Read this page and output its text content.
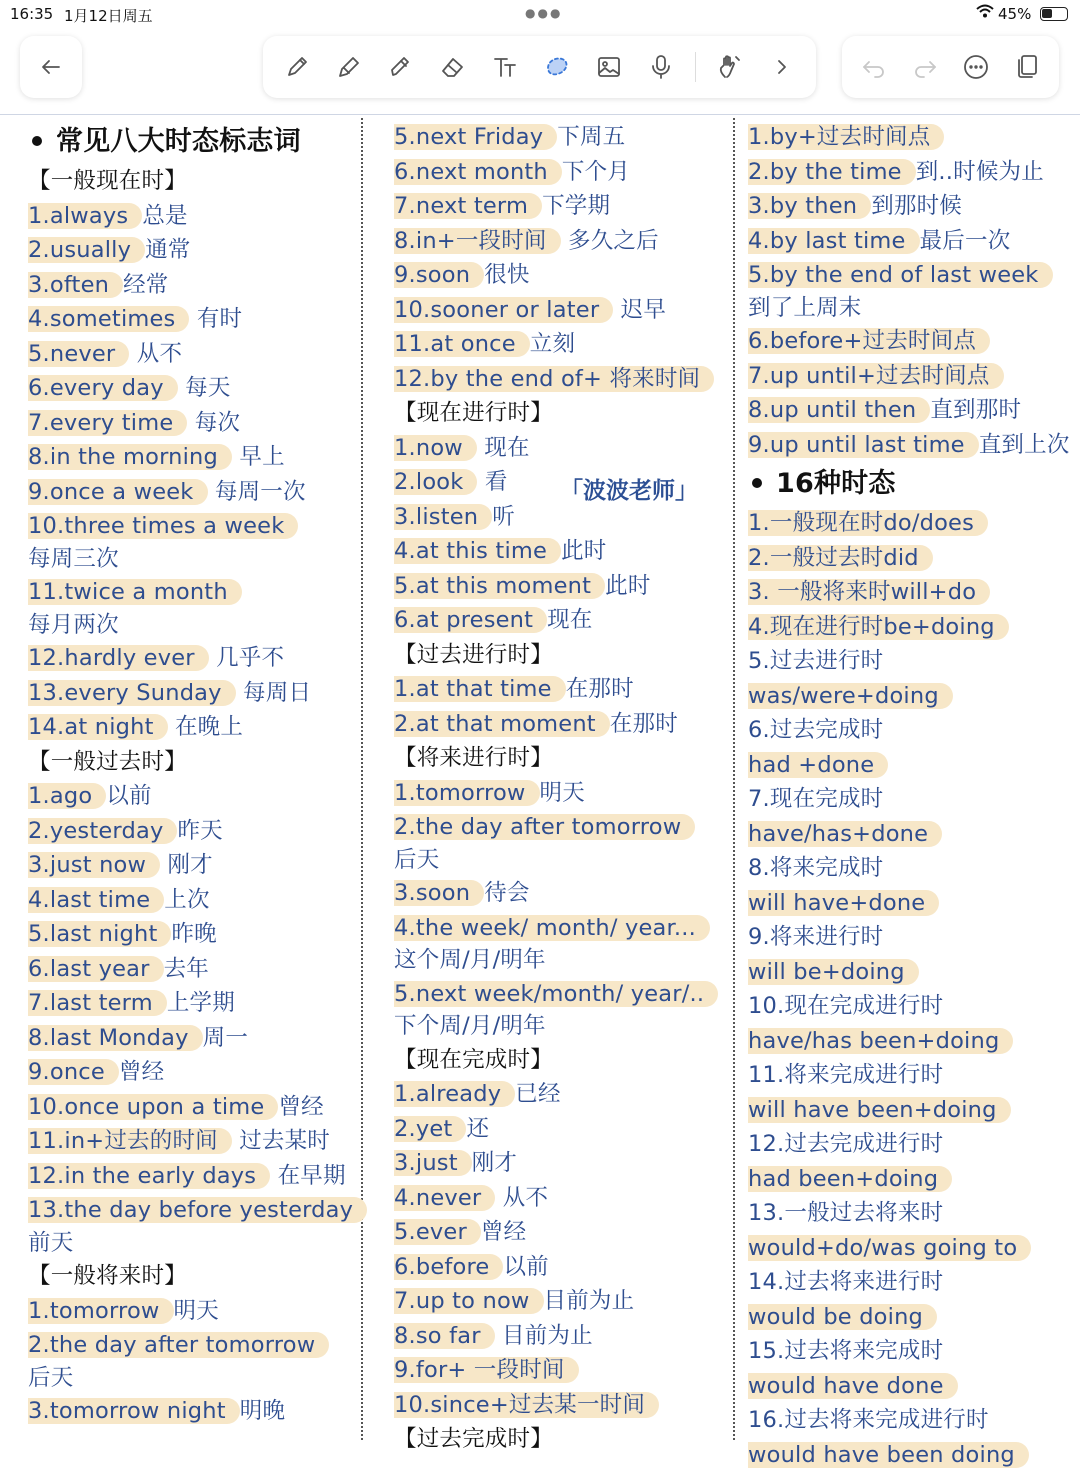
16:35 1月12日周五	●●●	45%
常见八大时态标志词
【一般现在时】
1.always 总是
2.usually 通常
3.often 经常
4.sometimes 有时
5.never 从不
6.every day 每天
7.every time 每次
8.in the morning 早上
9.once a week 每周一次
10.three times a week
每周三次
11.twice a month
每月两次
12.hardly ever 几乎不
13.every Sunday 每周日
14.at night 在晚上
【一般过去时】
1.ago 以前
2.yesterday 昨天
3.just now 刚才
4.last time 上次
5.last night 昨晚
6.last year 去年
7.last term 上学期
8.last Monday 周一
9.once 曾经
10.once upon a time 曾经
11.in+过去的时间 过去某时
12.in the early days 在早期
13.the day before yesterday
前天
【一般将来时】
1.tomorrow 明天
2.the day after tomorrow
后天
3.tomorrow night 明晚
5.next Friday 下周五
6.next month 下个月
7.next term 下学期
8.in+一段时间 多久之后
9.soon 很快
10.sooner or later 迟早
11.at once 立刻
12.by the end of+ 将来时间
【现在进行时】
1.now 现在
2.look 看
3.listen 听
4.at this time 此时
5.at this moment 此时
6.at present 现在
【过去进行时】
1.at that time 在那时
2.at that moment 在那时
【将来进行时】
1.tomorrow 明天
2.the day after tomorrow
后天
3.soon 待会
4.the week/ month/ year...
这个周/月/明年
5.next week/month/ year/..
下个周/月/明年
【现在完成时】
1.already 已经
2.yet 还
3.just 刚才
4.never 从不
5.ever 曾经
6.before 以前
7.up to now 目前为止
8.so far 目前为止
9.for+ 一段时间
10.since+过去某一时间
【过去完成时】
1.by+过去时间点
2.by the time 到..时候为止
3.by then 到那时候
4.by last time 最后一次
5.by the end of last week
到了上周末
6.before+过去时间点
7.up until+过去时间点
8.up until then 直到那时
9.up until last time 直到上次
16种时态
1.一般现在时do/does
2.一般过去时did
3. 一般将来时will+do
4.现在进行时be+doing
5.过去进行时
was/were+doing
6.过去完成时
had +done
7.现在完成时
have/has+done
8.将来完成时
will have+done
9.将来进行时
will be+doing
10.现在完成进行时
have/has been+doing
11.将来完成进行时
will have been+doing
12.过去完成进行时
had been+doing
13.一般过去将来时
would+do/was going to
14.过去将来进行时
would be doing
15.过去将来完成时
would have done
16.过去将来完成进行时
would have been doing
「波波老师」
